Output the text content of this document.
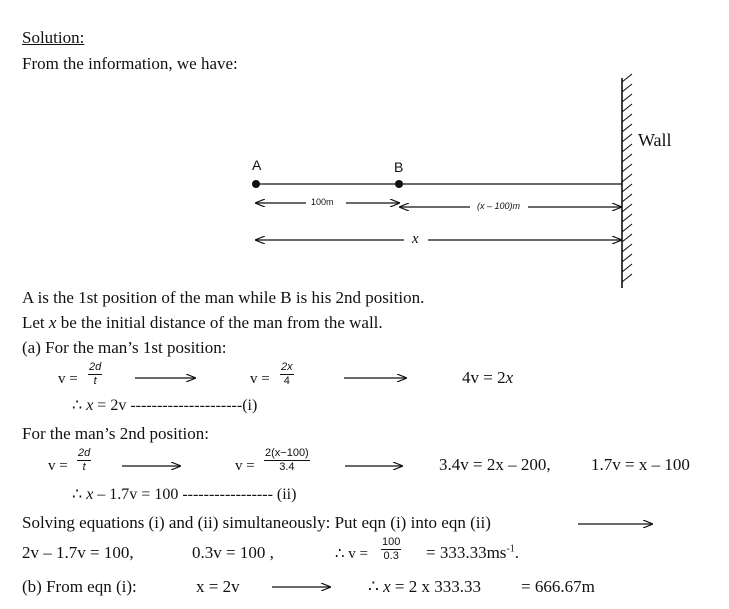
Solution:
From the information, we have:
A	B
Wall
100m	(x – 100)m
x
A is the 1st position of the man while B is his 2nd position.
Let x be the initial distance of the man from the wall.
(a) For the man’s 1st position:
$v = \frac{2d}{t}$	$v = \frac{2x}{4}$	4v = 2x
∴ x = 2v ---------------------(i)
For the man’s 2nd position:
$v = \frac{2d}{t}$	$v = \frac{2(x-100)}{3.4}$	3.4v = 2x – 200, 1.7v = x – 100
∴ x – 1.7v = 100 ----------------- (ii)
Solving equations (i) and (ii) simultaneously: Put eqn (i) into eqn (ii)
2v – 1.7v = 100,	0.3v = 100 ,	∴ $v = \frac{100}{0.3} = 333.33ms^{-1}$.
(b) From eqn (i):	x = 2v	∴ x = 2 x 333.33 = 666.67m
